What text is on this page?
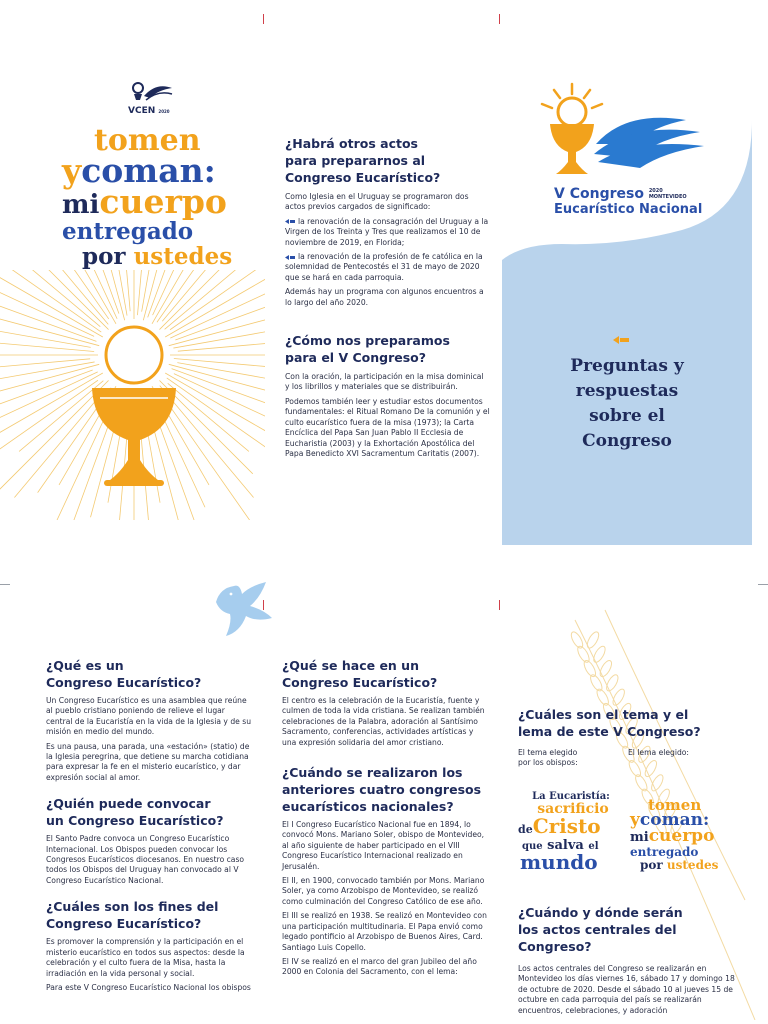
VCEN 2020
tomen
ycoman:
micuerpo
entregado
por ustedes
¿Habrá otros actos
para prepararnos al
Congreso Eucarístico?

Como Iglesia en el Uruguay se programaron dos actos previos cargados de significado:

la renovación de la consagración del Uruguay a la Virgen de los Treinta y Tres que realizamos el 10 de noviembre de 2019, en Florida;

la renovación de la profesión de fe católica en la solemnidad de Pentecostés el 31 de mayo de 2020 que se hará en cada parroquia.

Además hay un programa con algunos encuentros a lo largo del año 2020.

¿Cómo nos preparamos
para el V Congreso?

Con la oración, la participación en la misa dominical y los librillos y materiales que se distribuirán.

Podemos también leer y estudiar estos documentos fundamentales: el Ritual Romano De la comunión y el culto eucarístico fuera de la misa (1973); la Carta Encíclica del Papa San Juan Pablo II Ecclesia de Eucharistia (2003) y la Exhortación Apostólica del Papa Benedicto XVI Sacramentum Caritatis (2007).

V Congreso 2020
MONTEVIDEO
Eucarístico Nacional
Preguntas y
respuestas
sobre el
Congreso
¿Qué es un
Congreso Eucarístico?

Un Congreso Eucarístico es una asamblea que reúne al pueblo cristiano poniendo de relieve el lugar central de la Eucaristía en la vida de la Iglesia y de su misión en medio del mundo.

Es una pausa, una parada, una «estación» (statio) de la Iglesia peregrina, que detiene su marcha cotidiana para expresar la fe en el misterio eucarístico, y dar expresión social al amor.

¿Quién puede convocar
un Congreso Eucarístico?

El Santo Padre convoca un Congreso Eucarístico Internacional. Los Obispos pueden convocar los Congresos Eucarísticos diocesanos. En nuestro caso todos los Obispos del Uruguay han convocado al V Congreso Eucarístico Nacional.

¿Cuáles son los fines del
Congreso Eucarístico?

Es promover la comprensión y la participación en el misterio eucarístico en todos sus aspectos: desde la celebración y el culto fuera de la Misa, hasta la irradiación en la vida personal y social.

Para este V Congreso Eucarístico Nacional los obispos

¿Qué se hace en un
Congreso Eucarístico?

El centro es la celebración de la Eucaristía, fuente y culmen de toda la vida cristiana. Se realizan también celebraciones de la Palabra, adoración al Santísimo Sacramento, conferencias, actividades artísticas y una expresión solidaria del amor cristiano.

¿Cuándo se realizaron los
anteriores cuatro congresos
eucarísticos nacionales?

El I Congreso Eucarístico Nacional fue en 1894, lo convocó Mons. Mariano Soler, obispo de Montevideo, al año siguiente de haber participado en el VIII Congreso Eucarístico Internacional realizado en Jerusalén.

El II, en 1900, convocado también por Mons. Mariano Soler, ya como Arzobispo de Montevideo, se realizó como culminación del Congreso Católico de ese año.

El III se realizó en 1938. Se realizó en Montevideo con una participación multitudinaria. El Papa envió como legado pontificio al Arzobispo de Buenos Aires, Card. Santiago Luis Copello.

El IV se realizó en el marco del gran Jubileo del año 2000 en Colonia del Sacramento, con el lema:

¿Cuáles son el tema y el
lema de este V Congreso?
El tema elegido
por los obispos:
El lema elegido:
La Eucaristía:
sacrificio
deCristo
que salva el
mundo
tomen
ycoman:
micuerpo
entregado
por ustedes
¿Cuándo y dónde serán
los actos centrales del
Congreso?

Los actos centrales del Congreso se realizarán en Montevideo los días viernes 16, sábado 17 y domingo 18 de octubre de 2020. Desde el sábado 10 al jueves 15 de octubre en cada parroquia del país se realizarán encuentros, celebraciones, y adoración
